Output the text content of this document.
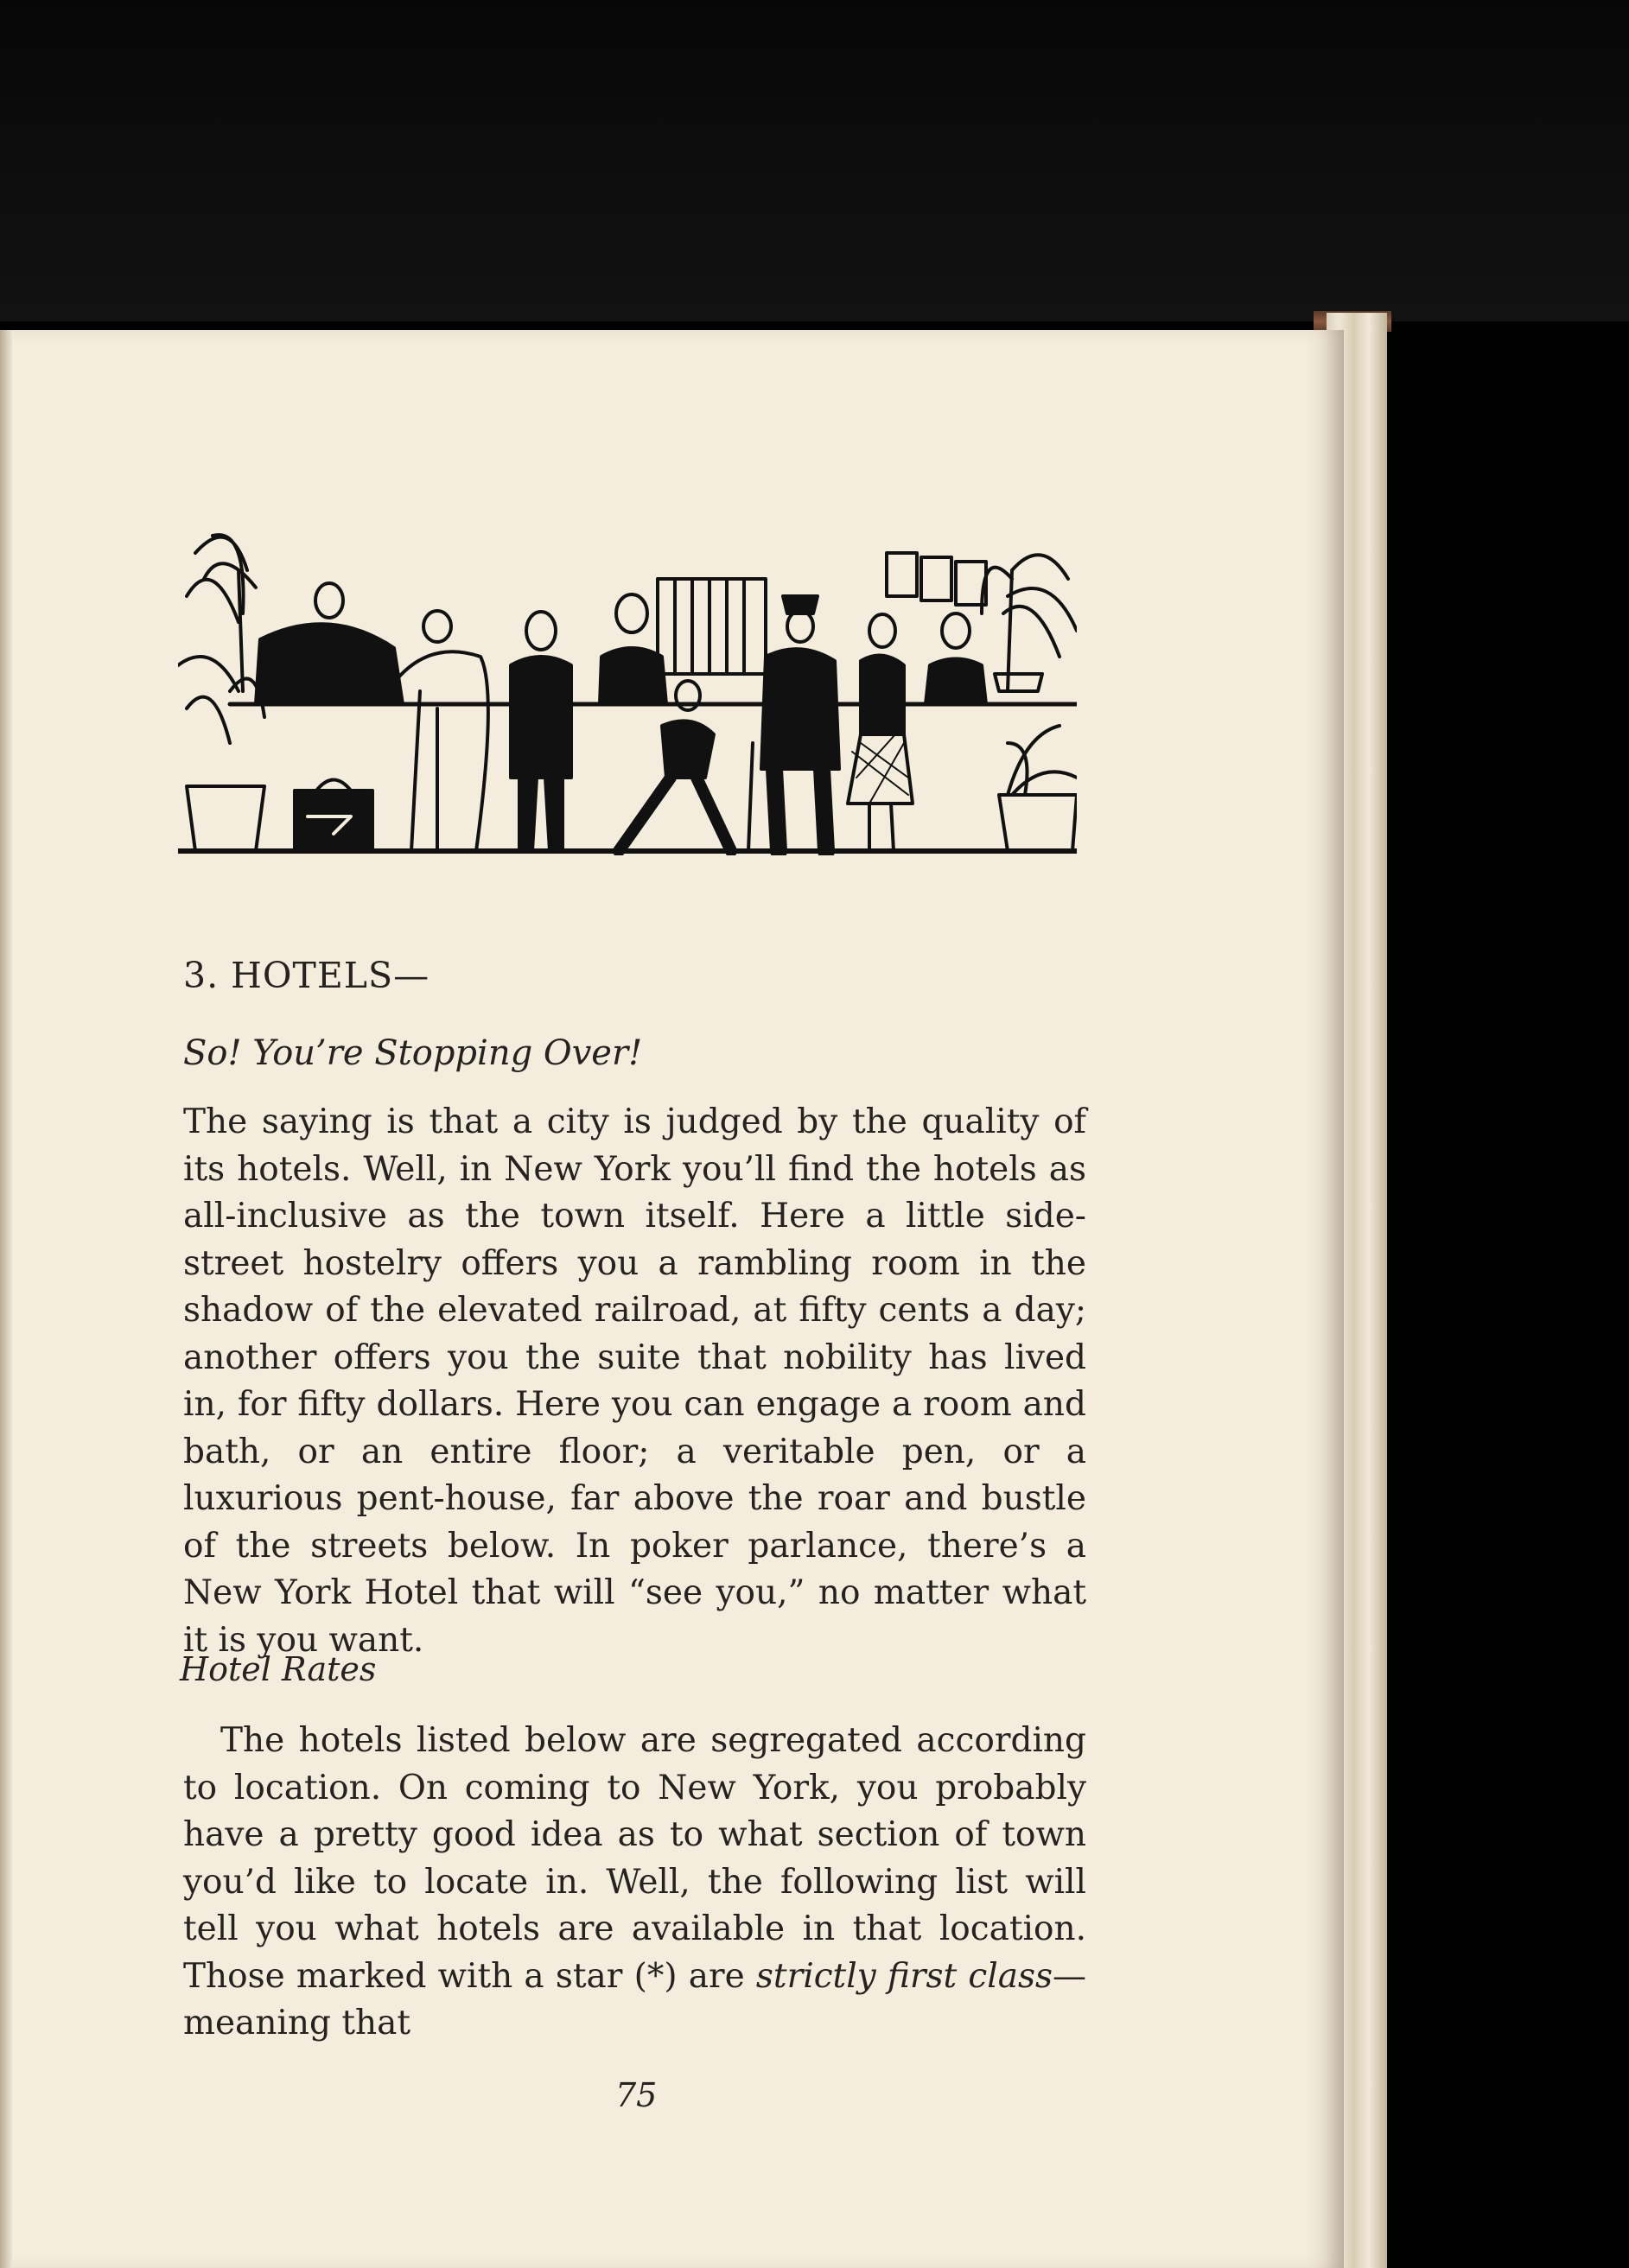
3. HOTELS—
So! You’re Stopping Over!
The saying is that a city is judged by the quality of its hotels. Well, in New York you’ll find the hotels as all-inclusive as the town itself. Here a little side-street hostelry offers you a rambling room in the shadow of the elevated railroad, at fifty cents a day; another offers you the suite that nobility has lived in, for fifty dollars. Here you can engage a room and bath, or an entire floor; a veritable pen, or a luxurious pent-house, far above the roar and bustle of the streets below. In poker parlance, there’s a New York Hotel that will “see you,” no matter what it is you want.
Hotel Rates
The hotels listed below are segregated according to location. On coming to New York, you probably have a pretty good idea as to what section of town you’d like to locate in. Well, the following list will tell you what hotels are available in that location. Those marked with a star (*) are strictly first class—meaning that
75
